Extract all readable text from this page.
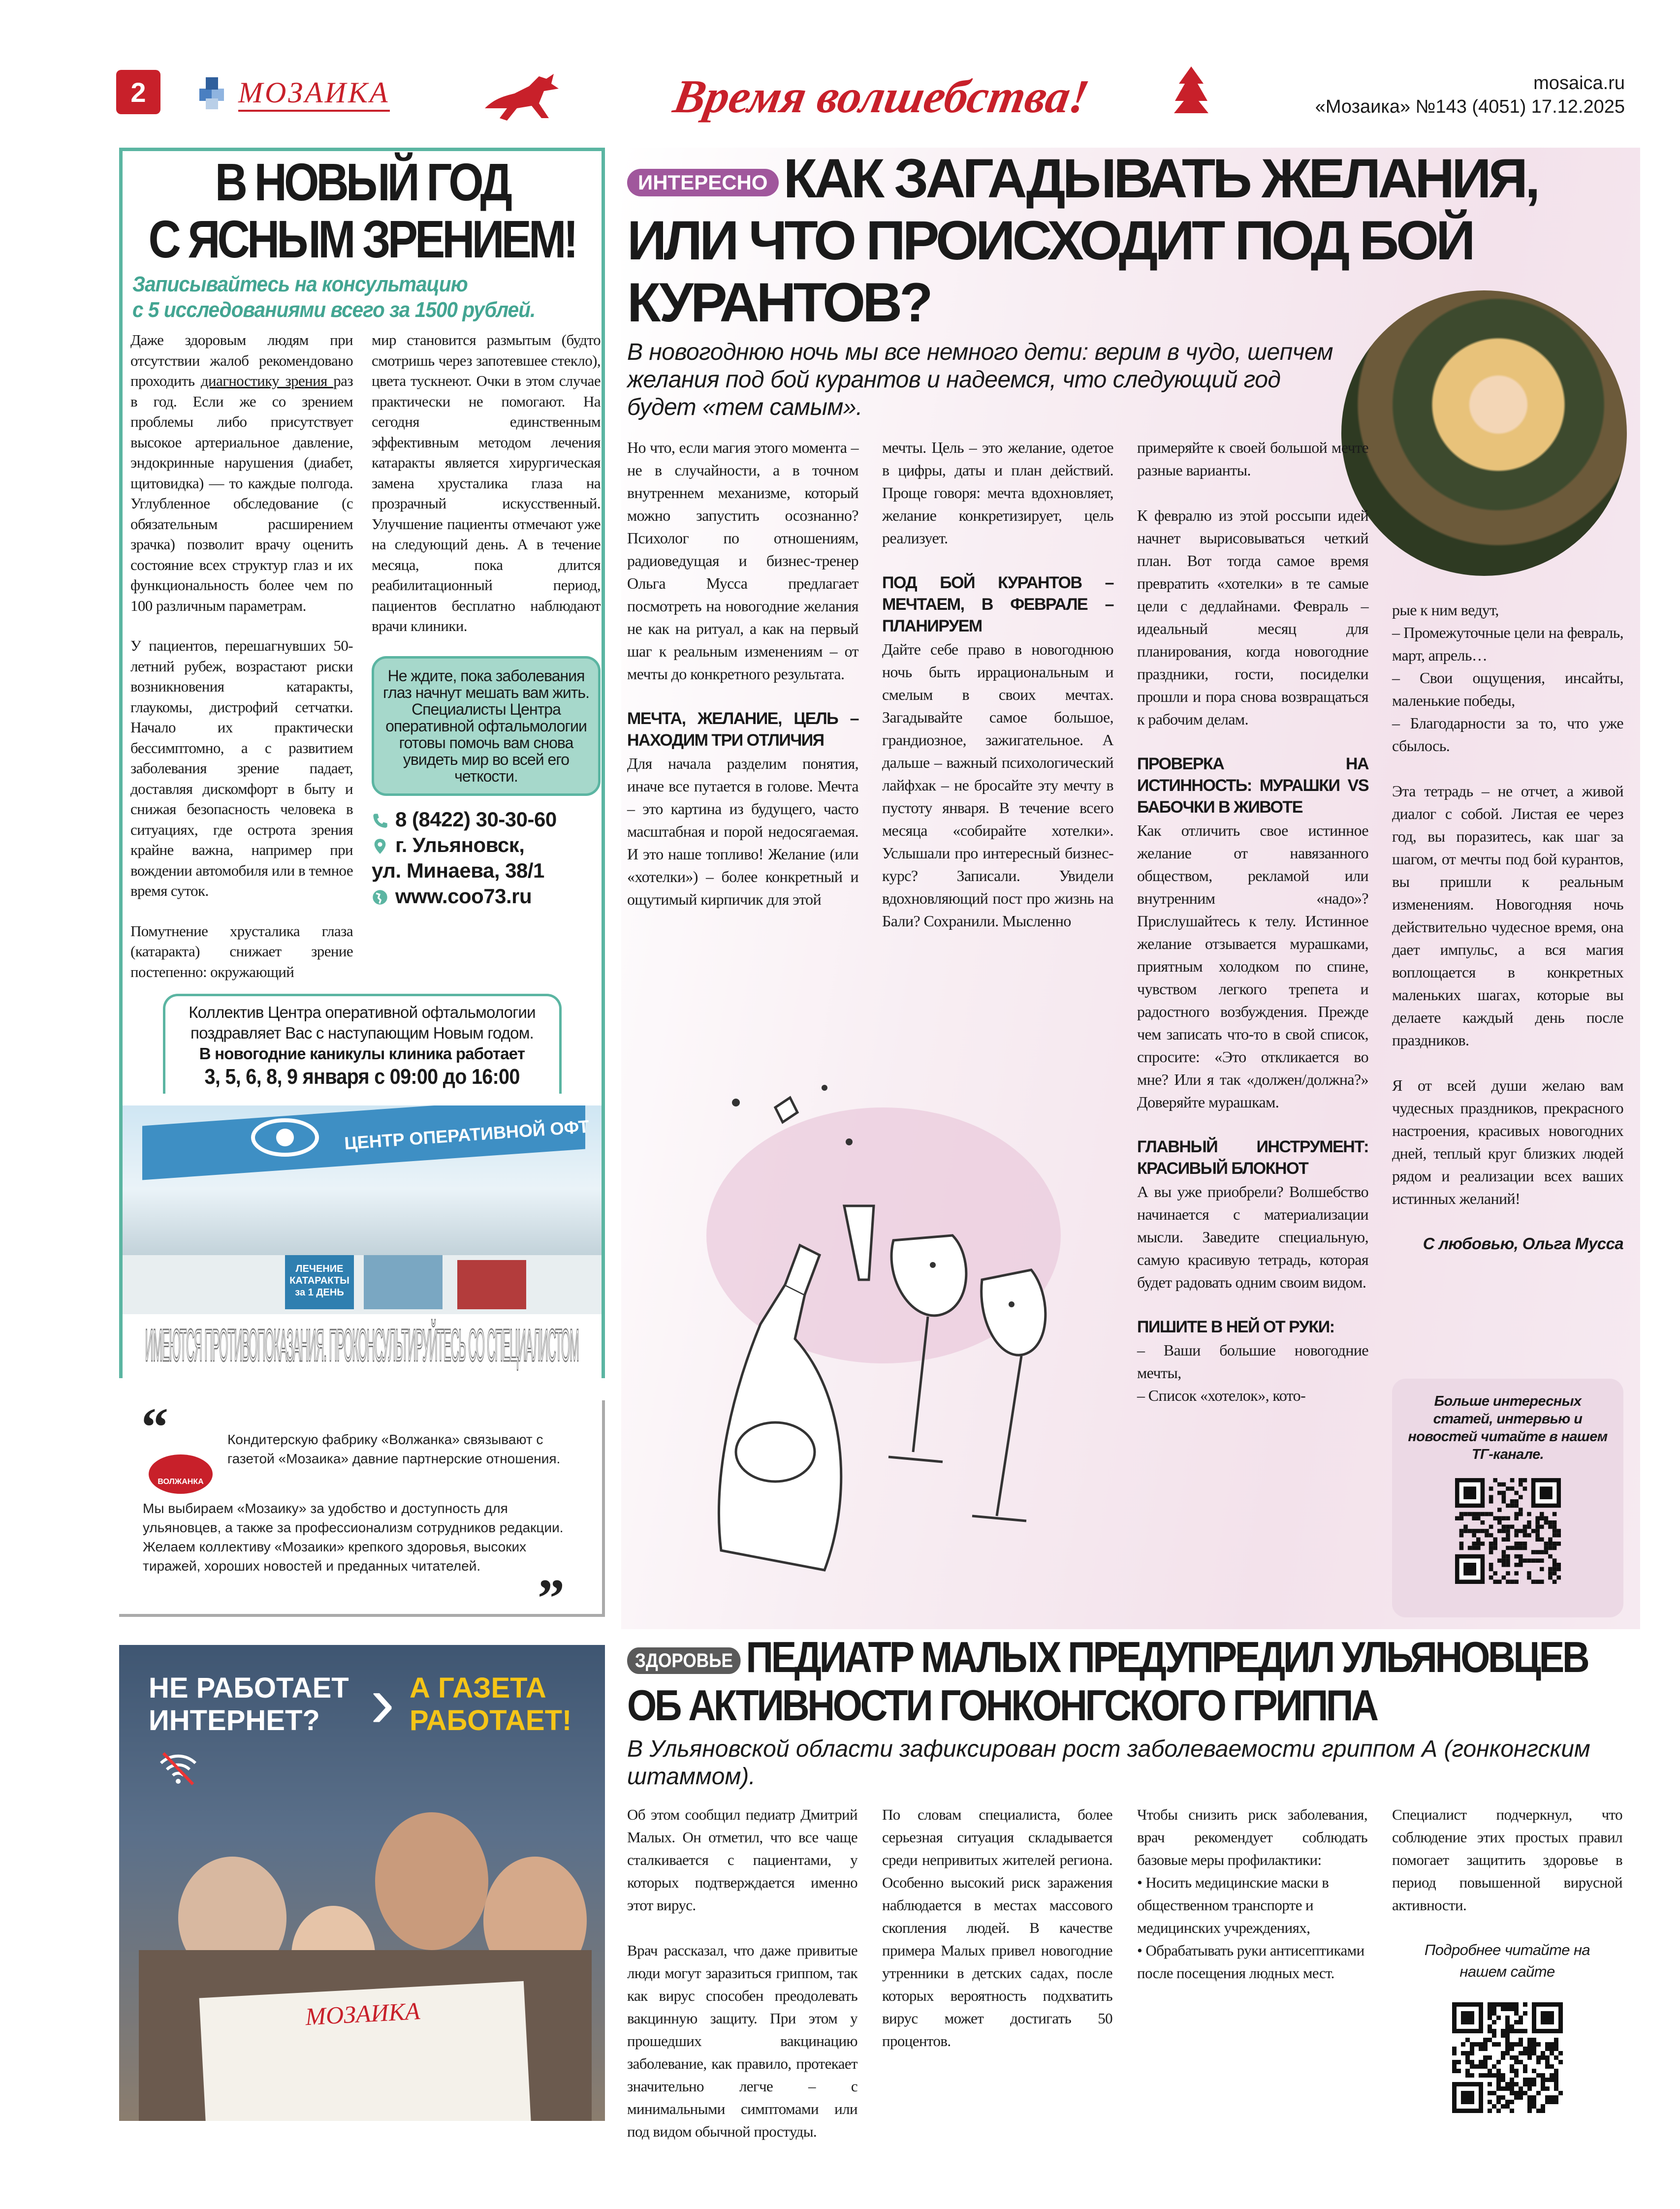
2	МОЗАИКА	Время волшебства!	mosaica.ru
«Мозаика» №143 (4051) 17.12.2025
В НОВЫЙ ГОД
С ЯСНЫМ ЗРЕНИЕМ!
Записывайтесь на консультацию
с 5 исследованиями всего за 1500 рублей.

Даже здоровым людям при отсутствии жалоб рекомендовано проходить диагностику зрения раз в год. Если же со зрением проблемы либо присутствует высокое артериальное давление, эндокринные нарушения (диабет, щитовидка) — то каждые полгода. Углубленное обследование (с обязательным расширением зрачка) позволит врачу оценить состояние всех структур глаз и их функциональность более чем по 100 различным параметрам.

У пациентов, перешагнувших 50-летний рубеж, возрастают риски возникновения катаракты, глаукомы, дистрофий сетчатки. Начало их практически бессимптомно, а с развитием заболевания зрение падает, доставляя дискомфорт в быту и снижая безопасность человека в ситуациях, где острота зрения крайне важна, например при вождении автомобиля или в темное время суток.

Помутнение хрусталика глаза (катаракта) снижает зрение постепенно: окружающий

мир становится размытым (будто смотришь через запотевшее стекло), цвета тускнеют. Очки в этом случае практически не помогают. На сегодня единственным эффективным методом лечения катаракты является хирургическая замена хрусталика глаза на прозрачный искусственный. Улучшение пациенты отмечают уже на следующий день. А в течение месяца, пока длится реабилитационный период, пациентов бесплатно наблюдают врачи клиники.

Не ждите, пока заболевания глаз начнут мешать вам жить. Специалисты Центра оперативной офтальмологии готовы помочь вам снова увидеть мир во всей его четкости.
8 (8422) 30-30-60
г. Ульяновск,
ул. Минаева, 38/1
www.coo73.ru
Коллектив Центра оперативной офтальмологии
поздравляет Вас с наступающим Новым годом.
В новогодние каникулы клиника работает
3, 5, 6, 8, 9 января с 09:00 до 16:00
ЦЕНТР ОПЕРАТИВНОЙ ОФТ
ЛЕЧЕНИЕ КАТАРАКТЫ за 1 ДЕНЬ
ИМЕЮТСЯ ПРОТИВОПОКАЗАНИЯ. ПРОКОНСУЛЬТИРУЙТЕСЬ СО СПЕЦИАЛИСТОМ
“
ВОЛЖАНКА
Кондитерскую фабрику «Волжанка» связывают с газетой «Мозаика» давние партнерские отношения.
Мы выбираем «Мозаику» за удобство и доступность для ульяновцев, а также за профессионализм сотрудников редакции. Желаем коллективу «Мозаики» крепкого здоровья, высоких тиражей, хороших новостей и преданных читателей.
”
НЕ РАБОТАЕТ
ИНТЕРНЕТ? › А ГАЗЕТА
РАБОТАЕТ!
МОЗАИКА
ИНТЕРЕСНО КАК ЗАГАДЫВАТЬ ЖЕЛАНИЯ,
ИЛИ ЧТО ПРОИСХОДИТ ПОД БОЙ
КУРАНТОВ?
В новогоднюю ночь мы все немного дети: верим в чудо, шепчем желания под бой курантов и надеемся, что следующий год будет «тем самым».

Но что, если магия этого момента – не в случайности, а в точном внутреннем механизме, который можно запустить осознанно? Психолог по отношениям, радиоведущая и бизнес-тренер Ольга Мусса предлагает посмотреть на новогодние желания не как на ритуал, а как на первый шаг к реальным изменениям – от мечты до конкретного результата.

МЕЧТА, ЖЕЛАНИЕ, ЦЕЛЬ – НАХОДИМ ТРИ ОТЛИЧИЯ

Для начала разделим понятия, иначе все путается в голове. Мечта – это картина из будущего, часто масштабная и порой недосягаемая. И это наше топливо! Желание (или «хотелки») – более конкретный и ощутимый кирпичик для этой

мечты. Цель – это желание, одетое в цифры, даты и план действий. Проще говоря: мечта вдохновляет, желание конкретизирует, цель реализует.

ПОД БОЙ КУРАНТОВ – МЕЧТАЕМ, В ФЕВРАЛЕ – ПЛАНИРУЕМ

Дайте себе право в новогоднюю ночь быть иррациональным и смелым в своих мечтах. Загадывайте самое большое, грандиозное, зажигательное. А дальше – важный психологический лайфхак – не бросайте эту мечту в пустоту января. В течение всего месяца «собирайте хотелки». Услышали про интересный бизнес-курс? Записали. Увидели вдохновляющий пост про жизнь на Бали? Сохранили. Мысленно

примеряйте к своей большой мечте разные варианты.

К февралю из этой россыпи идей начнет вырисовываться четкий план. Вот тогда самое время превратить «хотелки» в те самые цели с дедлайнами. Февраль – идеальный месяц для планирования, когда новогодние праздники, гости, посиделки прошли и пора снова возвращаться к рабочим делам.

ПРОВЕРКА НА ИСТИННОСТЬ: МУРАШКИ VS БАБОЧКИ В ЖИВОТЕ

Как отличить свое истинное желание от навязанного обществом, рекламой или внутренним «надо»? Прислушайтесь к телу. Истинное желание отзывается мурашками, приятным холодком по спине, чувством легкого трепета и радостного возбуждения. Прежде чем записать что-то в свой список, спросите: «Это откликается во мне? Или я так «должен/должна?» Доверяйте мурашкам.

ГЛАВНЫЙ ИНСТРУМЕНТ: КРАСИВЫЙ БЛОКНОТ

А вы уже приобрели? Волшебство начинается с материализации мысли. Заведите специальную, самую красивую тетрадь, которая будет радовать одним своим видом.

ПИШИТЕ В НЕЙ ОТ РУКИ:

– Ваши большие новогодние мечты,

– Список «хотелок», кото-

рые к ним ведут,

– Промежуточные цели на февраль, март, апрель…

– Свои ощущения, инсайты, маленькие победы,

– Благодарности за то, что уже сбылось.

Эта тетрадь – не отчет, а живой диалог с собой. Листая ее через год, вы поразитесь, как шаг за шагом, от мечты под бой курантов, вы пришли к реальным изменениям. Новогодняя ночь действительно чудесное время, она дает импульс, а вся магия воплощается в конкретных маленьких шагах, которые вы делаете каждый день после праздников.

Я от всей души желаю вам чудесных праздников, прекрасного настроения, красивых новогодних дней, теплый круг близких людей рядом и реализации всех ваших истинных желаний!

С любовью, Ольга Мусса
Больше интересных статей, интервью и новостей читайте в нашем ТГ-канале.
ЗДОРОВЬЕ ПЕДИАТР МАЛЫХ ПРЕДУПРЕДИЛ УЛЬЯНОВЦЕВ
ОБ АКТИВНОСТИ ГОНКОНГСКОГО ГРИППА
В Ульяновской области зафиксирован рост заболеваемости гриппом А (гонконгским штаммом).

Об этом сообщил педиатр Дмитрий Малых. Он отметил, что все чаще сталкивается с пациентами, у которых подтверждается именно этот вирус.

Врач рассказал, что даже привитые люди могут заразиться гриппом, так как вирус способен преодолевать вакцинную защиту. При этом у прошедших вакцинацию заболевание, как правило, протекает значительно легче – с минимальными симптомами или под видом обычной простуды.

По словам специалиста, более серьезная ситуация складывается среди непривитых жителей региона. Особенно высокий риск заражения наблюдается в местах массового скопления людей. В качестве примера Малых привел новогодние утренники в детских садах, после которых вероятность подхватить вирус может достигать 50 процентов.

Чтобы снизить риск заболевания, врач рекомендует соблюдать базовые меры профилактики:

• Носить медицинские маски в общественном транспорте и медицинских учреждениях,

• Обрабатывать руки антисептиками после посещения людных мест.

Специалист подчеркнул, что соблюдение этих простых правил помогает защитить здоровье в период повышенной вирусной активности.

Подробнее читайте на нашем сайте
